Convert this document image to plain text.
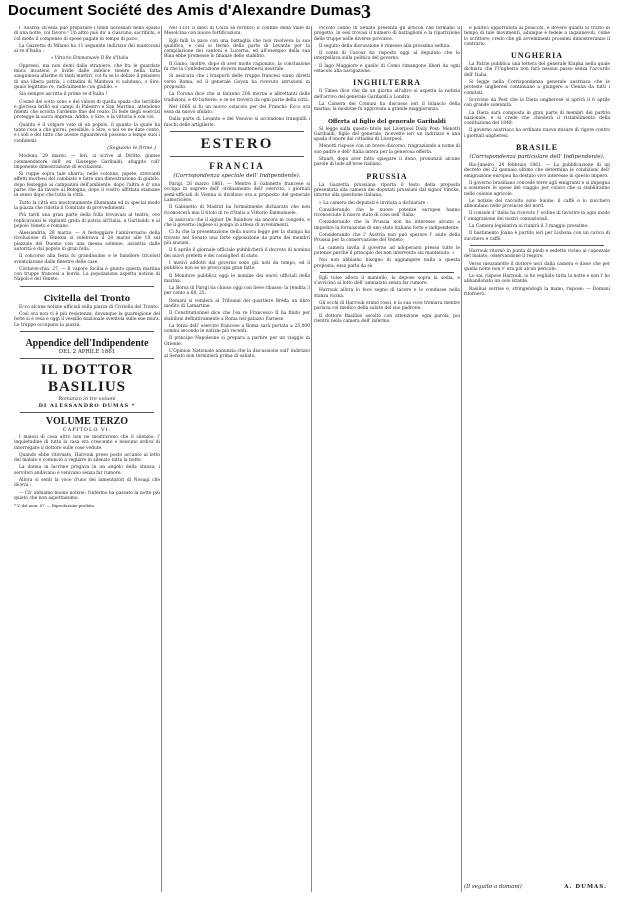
Document Société des Amis d'Alexandre Dumas 3

l' Austria ch'essa può preparare i fondi necessari nello spazio di una notte, col favore ! Un altro può da' a ciascuno, sacrifichi, e col modo il compenso di spese pagate in tempo di pace.

La Gazzetta di Milano ha 11 seguente indirizzo dei mantovani al re d'Italia :

« Vittorio Emmanuele II Re d'Italia

Oppressi, ma non domi dalla straniero, che fra le guardate mura incatenò e livide dalle infelice tenere nella fatta sanguinosa allarme di tanti martiri, coi fu se lo delizie il pensiero di una libera patria, i cittadini di Mantova vi salutano, o Sire, qualo legittimo re, radicalmente con giubilo. »

Sia sempre ascritta il prime re d'Italia !

Cosmé del sotto sono e del valore di quella spada che terribile e gloriosa brillò sui campi di Palestro e San Martino, attendono fidenti che scrolta l'ardente fine del reato. Di fede degli esercizi protegge la sacra impresa. Addio, o Sire, e la vittoria è con voi.

Quanto è il volgare voto di un popolo, il quanto la quale ha tante cose a che giorni, possibile, o Sire, e noi ve ne date conto, e i soli e del tutto che aveste riguardevoli possono a tempo suoi i confidenti.

(Seguono le firme.)

Modena, 29 marzo. — Ieri, si scrive al Diritto, giunse commendatore dell' ex Giuseppe Garibaldi, sfuggito coll' imponente dimostrazione di eccitazioni.

Si ruppe sopra tale sbarra; nelle colonne, pipete, strevanti affetti morbosi del cambiato e fatte una dimostrazione di giubilo, dopo festeggiò ai campanini dell'ambiente, dopo l'altra e d' una parte che dà favore al Bologna, dopo il vostro affittata stamane in senso dopo che tutta la città.

Tutto la città era mostratamente illuminata ed in special modo la piazza che ridotta il Comitato di provvedimenti.

Più tardi una gran parte della folla trovavasi al teatro, ove replicavansi le vigilanti grida di patria all'Italia, a Garibaldi, e al popolo Veneto e romano.

Alessandria, 28 marzo. — A festeggiare l'anniversario della rivoluzione di Venezia si celebrava il 28 marzo alle 10 sul piazzale del Duomo con una messa solenne, assistita dalle autorità e dal popolo in gran folla.

Il concorso alla festa fu grandissimo e le bandiere tricolori sventolavano dalle finestre delle case.

Civitavecchia, 27. — Il vapore Sicilia è giunto questa mattina con truppe francesi a bordo. La popolazione aspetta notizie di Napoli e del Veneto.

Civitella del Tronto

Ecco alcune notizie ufficiali sulla piazza di Civitella del Tronto.

Così ora non vi è più resistenza, dovunque la guarnigione del forte si è resa e oggi il vessillo nazionale sventola sulle sue mura. Le truppe occupano la piazza.

Appendice dell'Indipendente
DEL 2 APRILE 1861
IL DOTTOR BASILIUS
Romanzo in tre volumi
DI ALESSANDRO DUMAS *
VOLUME TERZO
CAPITOLO VI.

I malosi di cosa altro non ne mostrarono che il silenzio; l' inquietudine di tutta la casa era crescente e nessuno ardiva di interrogare il dottore sulle cose vedute.

Quando ebbe ritornato, Harrouk prese posto accanto al letto del malato e cominciò a vegliare in silenzio tutta la notte.

La donna in lacrime pregava in un angolo della stanza; i servitori andavano e venivano senza far rumore.

Allora si sentì la voce d'uno dei lamentatori di Nosugi che diceva :

— Ch' abbiamo buone notizie: l'infermo ha passato la notte più quieto che non aspettassimo.

* V. dal num. 67. — Riproduzione proibita.

Nel 1331 il dieci di Coira se fortificò il confine della Valle di Mesolcina con nuove fortificazioni.

Egli fallì la pace con una battaglia che non risolveva la sua qualifica, e così si fermò della parte di Levante per la compilazione dei cantoni e Lucerna, ed all'esempio della sua Bina ebbe promesse lo finanze dello stabilito.

Il Gaino, inoltre, dopo di aver molto ragionato, la conclusione fu che la Confederazione doveva mantenersi neutrale.

Si assicura che i trasporti delle truppe francesi siano diretti verso Roma, ed il generale Goyon ha ricevuto istruzioni in proposito.

La Corona dice che si faranno 200 mortai e altrettanti delle tradizioni, e 40 batterie, e se ne troverà da ogni parte della città.

Nel 1666 si fu un nuovo ostacolo per dei Franchi: Ecco ora essa da nuovo sfidato.

Dalla parte di Levante e del Vesuvio si accendono tranquilli i fuochi delle artiglierie.

ESTERO
FRANCIA
(Corrispondenza speciale dell' Indipendente).

Parigi, 26 marzo 1861. — Mentre il Gabinetto francese si occupa in segreto dell' ordinamento dell' esercito, i giornali semi-ufficiali di Vienna si dividono ora a proposito del generale Lamoricière.

Il Gabinetto di Madrid ha formalmente dichiarato che non riconoscerà mai il titolo di re d'Italia a Vittorio Emmanuele.

Si assicura che il signor De Rainbow sia ancora in congedo, e che il governo inglese si ponga in attesa di avvenimenti.

Ci fu che la presentazione della nuova legge per la stampa ha trovato nel Senato una forte opposizione da parte dei membri più anziani.

Il 6 aprile il giornale ufficiale pubblicherà il decreto di nomina dei nuovi prefetti e dei consiglieri di stato.

I motivi addotti dal governo sono già noti da tempo, ed il pubblico non se ne preoccupa gran fatto.

Il Monitore pubblica oggi le nomine dei nuovi ufficiali della marina.

La Borsa di Parigi ha chiuso oggi con lieve ribasso; la rendita 3 per cento a 68, 25.

Domani si venderà al Tribunal del quartiere Bréda un libro inedito di Lamartine.

Il Constitutionnel dice che l'ex re Francesco II ha finito per stabilirsi definitivamente a Roma nel palazzo Farnese.

La forza dell' esercito francese a Roma sarà portata a 25,000 uomini secondo le notizie più recenti.

Il principe Napoleone si prepara a partire per un viaggio in Oriente.

L'Opinion Nationale annunzia che la discussione sull' indirizzo al Senato non terminerà prima di sabato.

Piccolo cenno in Senato presenta gli articoli che formano il progetto, in essi trovasi il numero di battaglioni e la ripartizione delle truppe nelle diverse province.

Il seguito della discussione è rimesso alla prossima seduta.

Il conte di Cavour ha risposto oggi al deputato che lo interpellava sulla politica del governo.

Il lago Maggiore e quello di Como rimangono liberi da ogni ostacolo alla navigazione.

INGHILTERRA

Il Times dice che da un giorno all'altro si aspetta la notizia dell'arrivo del generale Garibaldi a Londra.

La Camera dei Comuni ha discusso ieri il bilancio della marina; la mozione fu approvata a grande maggioranza.

Offerta al figlio del generale Garibaldi

Si legge sulla questo titolo nel Liverpool Daily Post: Menotti Garibaldi, figlio del generale, ricevette ieri un indirizzo e una spada d'onore dai cittadini di Liverpool.

Menotti rispose con un breve discorso, ringraziando a nome di suo padre e dell' Italia intera per la generosa offerta.

Stuart, dopo aver fatto spiegare il dono, pronunziò alcune parole di lode all'eroe italiano.

PRUSSIA

La Gazzetta prussiana riporta il testo della proposta presentata alla camera dei deputati prussiani dal signor Vincke, intorno alla questione italiana.

« La camera dei deputati è invitata a dichiarare :

Considerando che le nuove potenze europee hanno riconosciuto il nuovo stato di cose nell' Italia;

Considerando che la Prussia non ha interesse alcuno a impedire la formazione di uno stato italiano forte e indipendente;

Considerando che l' Austria non può sperare l' aiuto della Prussia per la conservazione del Veneto;

La camera invita il governo ad adoperarsi presso tutte le potenze perchè il principio del non intervento sia mantenuto. »

Noi non abbiamo bisogno di aggiungere nulla a questa proposta; essa parla da sè.

Egli tolse allora il mantello, lo depose sopra la sedia, e s'avvicinò al letto dell' ammalato senza far rumore.

Harrouk allora lo fece segno di tacere e lo condusse nella stanza vicina.

Gli occhi di Harrouk erano rossi, e la sua voce tremava mentre parlava col medico della salute del suo padrone.

Il dottore Basilius ascoltò con attenzione ogni parola, poi rientrò nella camera dell' infermo.

e politici opportunità al polacchi, e dovere quanti Si trattò in tempo di tale movimenti, adunque è fedele a ingannevoli, come lo scrittore; credo che gli avvenimenti prossimi dimostreranno il contrario.

UNGHERIA

La Patrie pubblica una lettera del generale Klapka nella quale dichiara che l'Ungheria non farà nessun passo senza l'accordo dell' Italia.

Si legge nella Corrispondenza generale austriaca che le proteste ungheresi continuano a giungere a Vienna da tutti i comitati.

Scrivono da Pest che la Dieta ungherese si aprirà il 6 aprile con grande solennità.

La Dieta sarà composta in gran parte di membri del partito nazionale, e si crede che chiederà il ristabilimento della costituzione del 1848.

Il governo austriaco ha ordinato nuove misure di rigore contro i giornali ungheresi.

BRASILE
(Corrispondenza particolare dell' Indipendente).

Rio-Janeiro, 24 febbraio 1861. — La pubblicazione di un decreto del 22 gennaio ultimo che determina le condizioni dell' emigrazione europea ha destato vivo interesse in questo impero.

Il governo brasiliano concede terre agli emigranti e si impegna a sostenere le spese del viaggio per coloro che si stabiliranno nelle colonie agricole.

Le notizie del raccolto sono buone; il caffè e lo zucchero abbondano nelle provincie del nord.

Il console d' Italia ha ricevuto l' ordine di favorire in ogni modo l' emigrazione dei nostri connazionali.

La Camera legislativa si riunirà il 3 maggio prossimo.

Il bastimento Joana è partito ieri per Lisbona con un carico di zucchero e caffè.

Harrouk ritornò in punta di piedi e sedette vicino al capezzale del malato, osservandone il respiro.

Verso mezzanotte il dottore uscì dalla camera e disse che per quella notte non v' era più alcun pericolo.

Lo sai, rispose Harrouk, io ho vegliato tutta la notte e non l' ho abbandonato un solo istante.

Basilius sorrise e, stringendogli la mano, rispose: — Domani ritornerò.

(Il seguito a domani)	A. DUMAS.
